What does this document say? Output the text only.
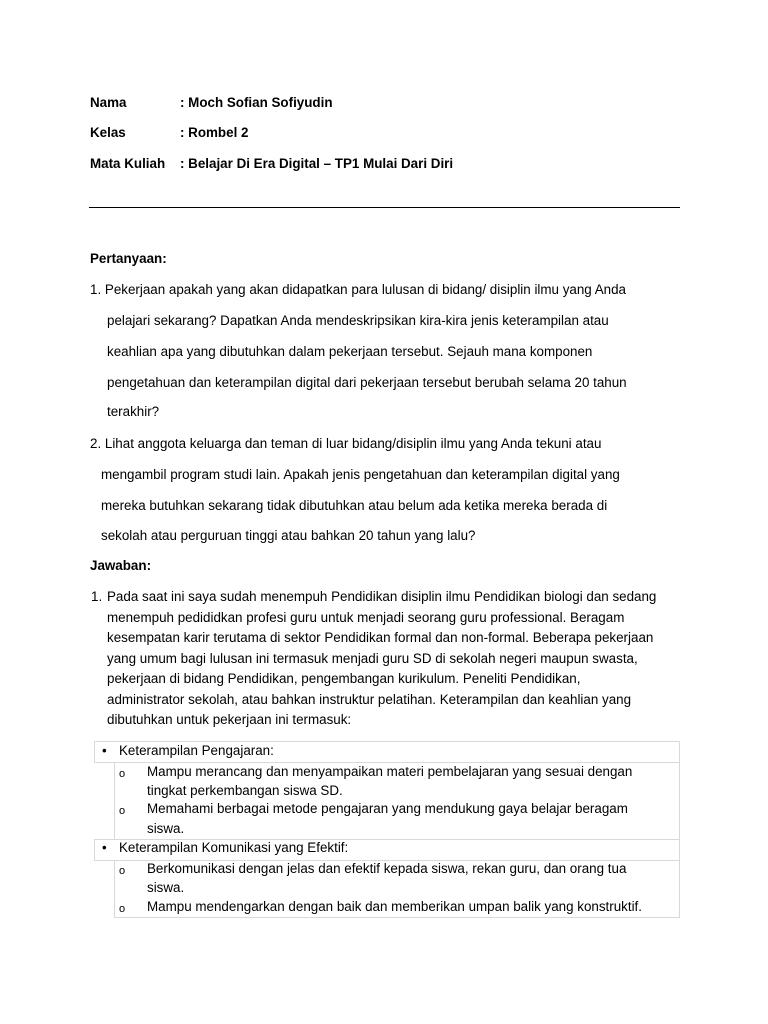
Nama	: Moch Sofian Sofiyudin
Kelas	: Rombel 2
Mata Kuliah : Belajar Di Era Digital – TP1 Mulai Dari Diri
Pertanyaan:
1. Pekerjaan apakah yang akan didapatkan para lulusan di bidang/ disiplin ilmu yang Anda
pelajari sekarang? Dapatkan Anda mendeskripsikan kira-kira jenis keterampilan atau
keahlian apa yang dibutuhkan dalam pekerjaan tersebut. Sejauh mana komponen
pengetahuan dan keterampilan digital dari pekerjaan tersebut berubah selama 20 tahun
terakhir?
2. Lihat anggota keluarga dan teman di luar bidang/disiplin ilmu yang Anda tekuni atau
mengambil program studi lain. Apakah jenis pengetahuan dan keterampilan digital yang
mereka butuhkan sekarang tidak dibutuhkan atau belum ada ketika mereka berada di
sekolah atau perguruan tinggi atau bahkan 20 tahun yang lalu?
Jawaban:
1. Pada saat ini saya sudah menempuh Pendidikan disiplin ilmu Pendidikan biologi dan sedang
menempuh pedididkan profesi guru untuk menjadi seorang guru professional. Beragam
kesempatan karir terutama di sektor Pendidikan formal dan non-formal. Beberapa pekerjaan
yang umum bagi lulusan ini termasuk menjadi guru SD di sekolah negeri maupun swasta,
pekerjaan di bidang Pendidikan, pengembangan kurikulum. Peneliti Pendidikan,
administrator sekolah, atau bahkan instruktur pelatihan. Keterampilan dan keahlian yang
dibutuhkan untuk pekerjaan ini termasuk:
• Keterampilan Pengajaran:
o Mampu merancang dan menyampaikan materi pembelajaran yang sesuai dengan
tingkat perkembangan siswa SD.
o Memahami berbagai metode pengajaran yang mendukung gaya belajar beragam
siswa.
• Keterampilan Komunikasi yang Efektif:
o Berkomunikasi dengan jelas dan efektif kepada siswa, rekan guru, dan orang tua
siswa.
o Mampu mendengarkan dengan baik dan memberikan umpan balik yang konstruktif.
